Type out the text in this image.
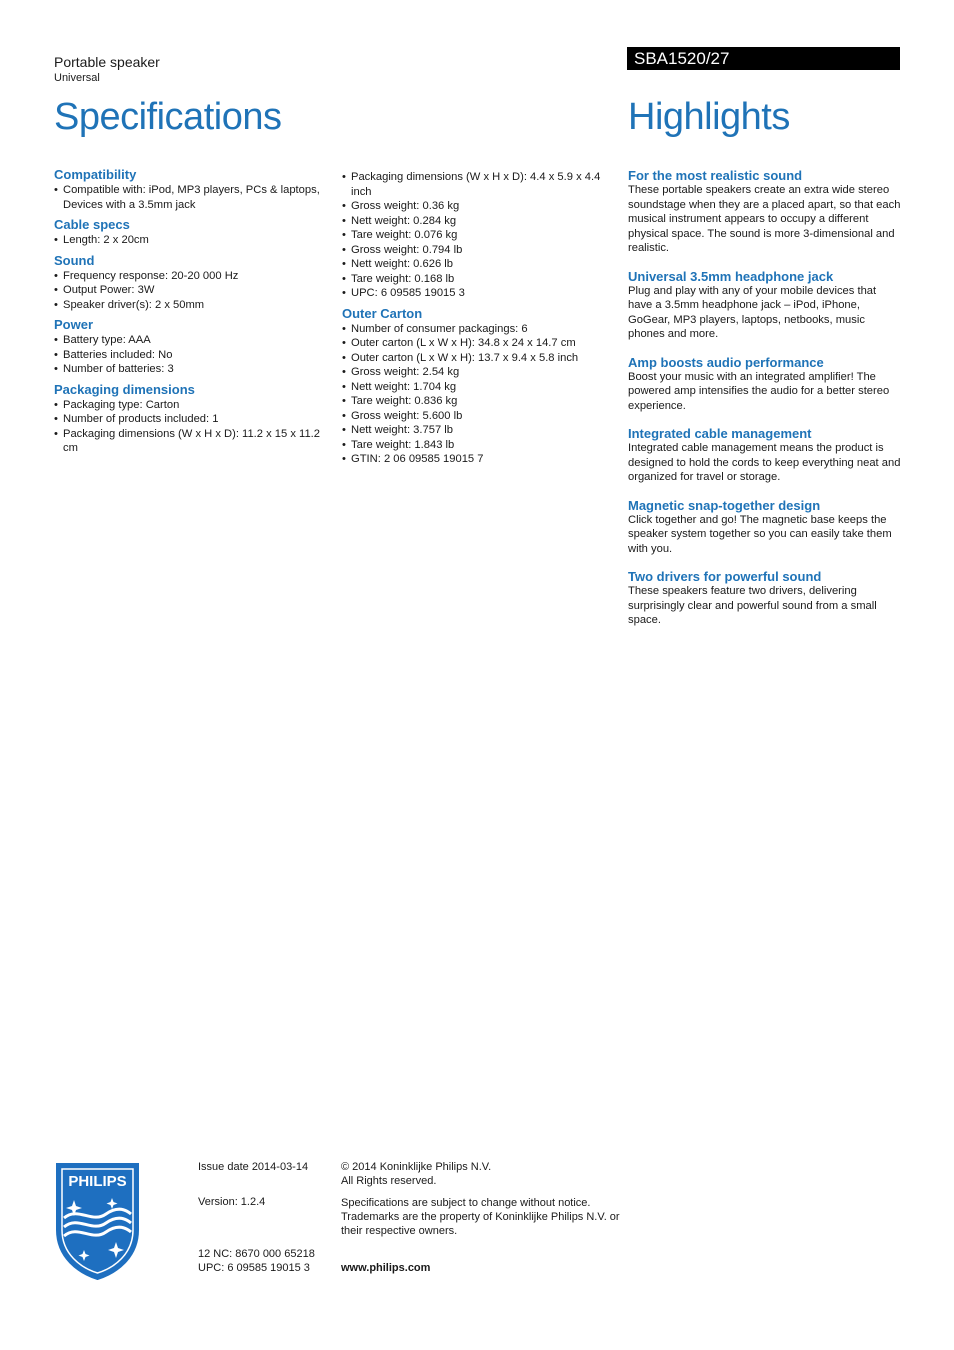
Portable speaker
Universal
SBA1520/27
Specifications	Highlights
Compatibility
• Compatible with: iPod, MP3 players, PCs & laptops, Devices with a 3.5mm jack
Cable specs
• Length: 2 x 20cm
Sound
• Frequency response: 20-20 000 Hz
• Output Power: 3W
• Speaker driver(s): 2 x 50mm
Power
• Battery type: AAA
• Batteries included: No
• Number of batteries: 3
Packaging dimensions
• Packaging type: Carton
• Number of products included: 1
• Packaging dimensions (W x H x D): 11.2 x 15 x 11.2 cm
• Packaging dimensions (W x H x D): 4.4 x 5.9 x 4.4 inch
• Gross weight: 0.36 kg
• Nett weight: 0.284 kg
• Tare weight: 0.076 kg
• Gross weight: 0.794 lb
• Nett weight: 0.626 lb
• Tare weight: 0.168 lb
• UPC: 6 09585 19015 3
Outer Carton
• Number of consumer packagings: 6
• Outer carton (L x W x H): 34.8 x 24 x 14.7 cm
• Outer carton (L x W x H): 13.7 x 9.4 x 5.8 inch
• Gross weight: 2.54 kg
• Nett weight: 1.704 kg
• Tare weight: 0.836 kg
• Gross weight: 5.600 lb
• Nett weight: 3.757 lb
• Tare weight: 1.843 lb
• GTIN: 2 06 09585 19015 7
For the most realistic sound
These portable speakers create an extra wide stereo soundstage when they are a placed apart, so that each musical instrument appears to occupy a different physical space. The sound is more 3-dimensional and realistic.
Universal 3.5mm headphone jack
Plug and play with any of your mobile devices that have a 3.5mm headphone jack – iPod, iPhone, GoGear, MP3 players, laptops, netbooks, music phones and more.
Amp boosts audio performance
Boost your music with an integrated amplifier! The powered amp intensifies the audio for a better stereo experience.
Integrated cable management
Integrated cable management means the product is designed to hold the cords to keep everything neat and organized for travel or storage.
Magnetic snap-together design
Click together and go! The magnetic base keeps the speaker system together so you can easily take them with you.
Two drivers for powerful sound
These speakers feature two drivers, delivering surprisingly clear and powerful sound from a small space.
PHILIPS
Issue date 2014-03-14
Version: 1.2.4
12 NC: 8670 000 65218
UPC: 6 09585 19015 3
© 2014 Koninklijke Philips N.V.
All Rights reserved.
Specifications are subject to change without notice. Trademarks are the property of Koninklijke Philips N.V. or their respective owners.
www.philips.com
